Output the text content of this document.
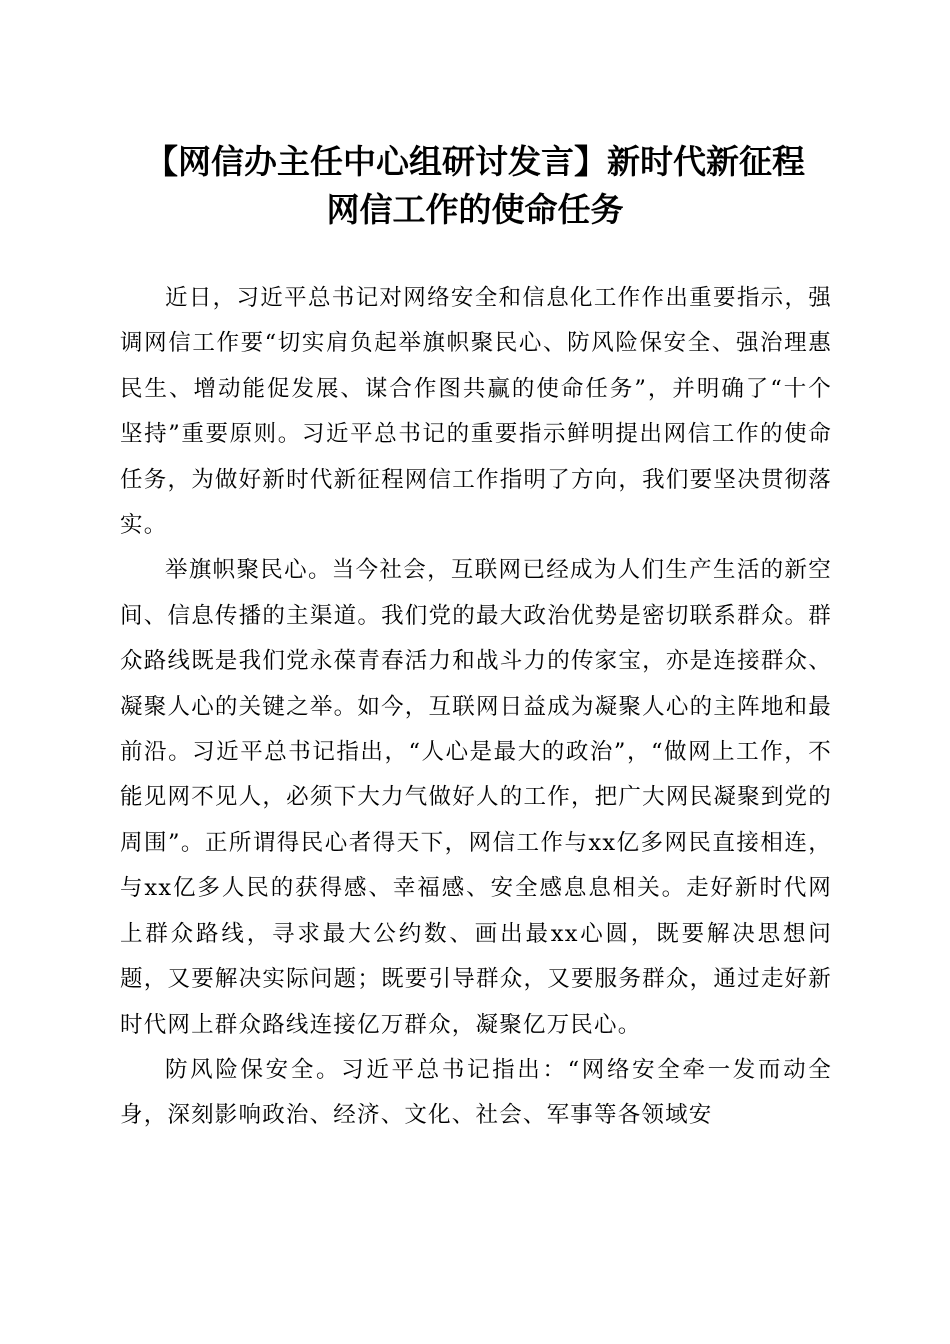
【网信办主任中心组研讨发言】新时代新征程
网信工作的使命任务

近日，习近平总书记对网络安全和信息化工作作出重要指示，强调网信工作要“切实肩负起举旗帜聚民心、防风险保安全、强治理惠民生、增动能促发展、谋合作图共赢的使命任务”，并明确了“十个坚持”重要原则。习近平总书记的重要指示鲜明提出网信工作的使命任务，为做好新时代新征程网信工作指明了方向，我们要坚决贯彻落实。

举旗帜聚民心。当今社会，互联网已经成为人们生产生活的新空间、信息传播的主渠道。我们党的最大政治优势是密切联系群众。群众路线既是我们党永葆青春活力和战斗力的传家宝，亦是连接群众、凝聚人心的关键之举。如今，互联网日益成为凝聚人心的主阵地和最前沿。习近平总书记指出，“人心是最大的政治”，“做网上工作，不能见网不见人，必须下大力气做好人的工作，把广大网民凝聚到党的周围”。正所谓得民心者得天下，网信工作与xx亿多网民直接相连，与xx亿多人民的获得感、幸福感、安全感息息相关。走好新时代网上群众路线，寻求最大公约数、画出最xx心圆，既要解决思想问题，又要解决实际问题；既要引导群众，又要服务群众，通过走好新时代网上群众路线连接亿万群众，凝聚亿万民心。

防风险保安全。习近平总书记指出：“网络安全牵一发而动全身，深刻影响政治、经济、文化、社会、军事等各领域安
